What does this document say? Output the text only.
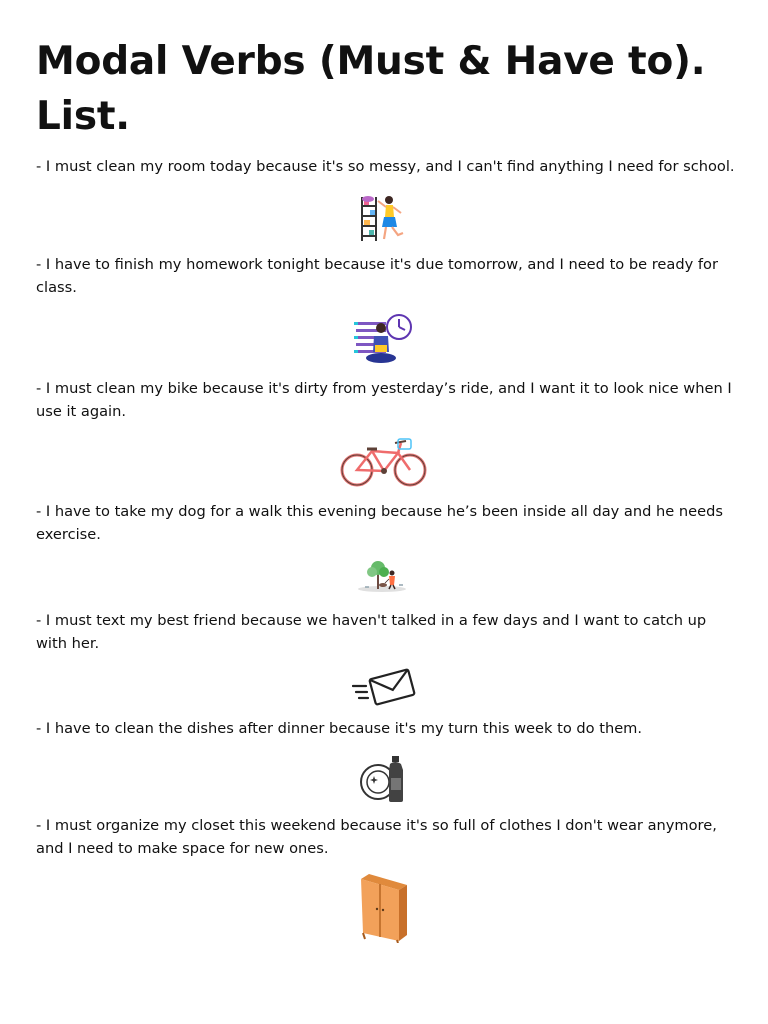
Modal Verbs (Must & Have to). List.

- I must clean my room today because it's so messy, and I can't find anything I need for school.

- I have to finish my homework tonight because it's due tomorrow, and I need to be ready for class.

- I must clean my bike because it's dirty from yesterday’s ride, and I want it to look nice when I use it again.

- I have to take my dog for a walk this evening because he’s been inside all day and he needs exercise.

- I must text my best friend because we haven't talked in a few days and I want to catch up with her.

- I have to clean the dishes after dinner because it's my turn this week to do them.

- I must organize my closet this weekend because it's so full of clothes I don't wear anymore, and I need to make space for new ones.
